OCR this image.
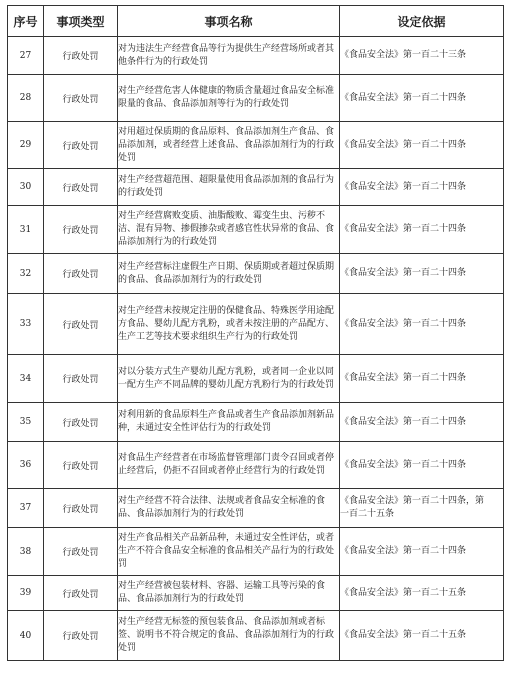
序号	事项类型	事项名称	设定依据
27	行政处罚	对为违法生产经营食品等行为提供生产经营场所或者其他条件行为的行政处罚	《食品安全法》第一百二十三条
28	行政处罚	对生产经营危害人体健康的物质含量超过食品安全标准限量的食品、食品添加剂等行为的行政处罚	《食品安全法》第一百二十四条
29	行政处罚	对用超过保质期的食品原料、食品添加剂生产食品、食品添加剂，或者经营上述食品、食品添加剂行为的行政处罚	《食品安全法》第一百二十四条
30	行政处罚	对生产经营超范围、超限量使用食品添加剂的食品行为的行政处罚	《食品安全法》第一百二十四条
31	行政处罚	对生产经营腐败变质、油脂酸败、霉变生虫、污秽不洁、混有异物、掺假掺杂或者感官性状异常的食品、食品添加剂行为的行政处罚	《食品安全法》第一百二十四条
32	行政处罚	对生产经营标注虚假生产日期、保质期或者超过保质期的食品、食品添加剂行为的行政处罚	《食品安全法》第一百二十四条
33	行政处罚	对生产经营未按规定注册的保健食品、特殊医学用途配方食品、婴幼儿配方乳粉，或者未按注册的产品配方、生产工艺等技术要求组织生产行为的行政处罚	《食品安全法》第一百二十四条
34	行政处罚	对以分装方式生产婴幼儿配方乳粉，或者同一企业以同一配方生产不同品牌的婴幼儿配方乳粉行为的行政处罚	《食品安全法》第一百二十四条
35	行政处罚	对利用新的食品原料生产食品或者生产食品添加剂新品种，未通过安全性评估行为的行政处罚	《食品安全法》第一百二十四条
36	行政处罚	对食品生产经营者在市场监督管理部门责令召回或者停止经营后，仍拒不召回或者停止经营行为的行政处罚	《食品安全法》第一百二十四条
37	行政处罚	对生产经营不符合法律、法规或者食品安全标准的食品、食品添加剂行为的行政处罚	《食品安全法》第一百二十四条，第
一百二十五条

38	行政处罚	对生产食品相关产品新品种，未通过安全性评估，或者生产不符合食品安全标准的食品相关产品行为的行政处罚	《食品安全法》第一百二十四条
39	行政处罚	对生产经营被包装材料、容器、运输工具等污染的食品、食品添加剂行为的行政处罚	《食品安全法》第一百二十五条
40	行政处罚	对生产经营无标签的预包装食品、食品添加剂或者标签、说明书不符合规定的食品、食品添加剂行为的行政处罚	《食品安全法》第一百二十五条
